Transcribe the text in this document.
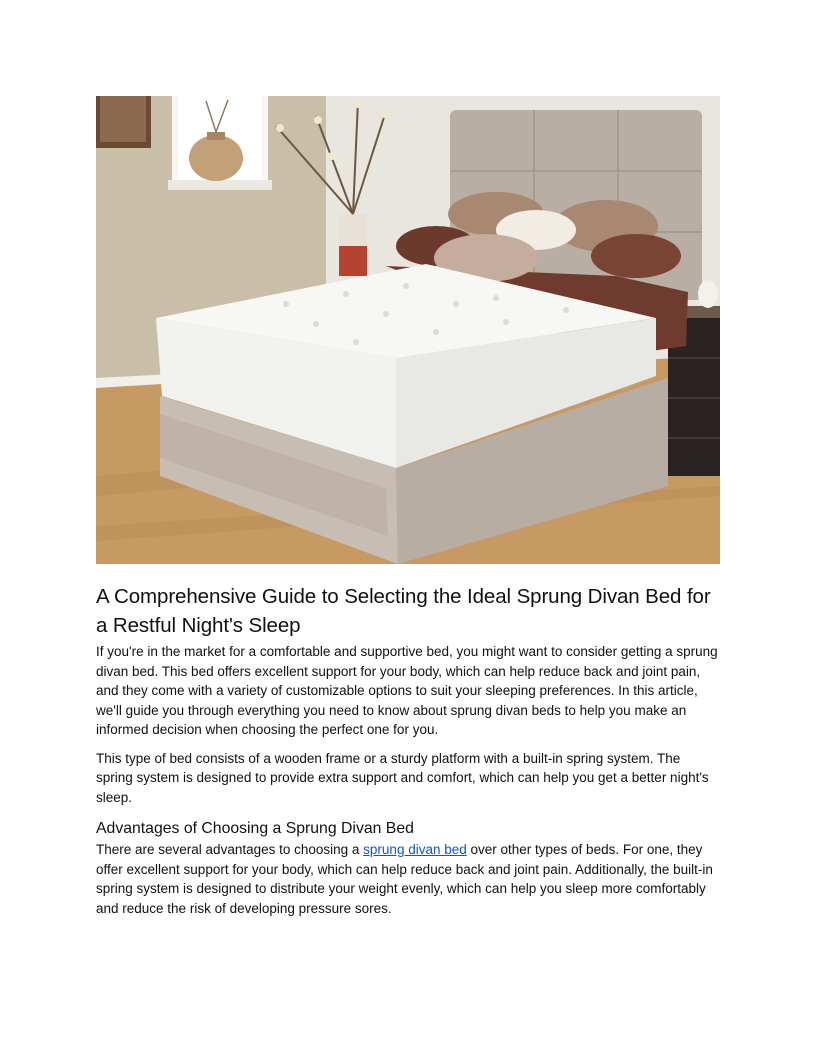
A Comprehensive Guide to Selecting the Ideal Sprung Divan Bed for a Restful Night's Sleep

If you're in the market for a comfortable and supportive bed, you might want to consider getting a sprung divan bed. This bed offers excellent support for your body, which can help reduce back and joint pain, and they come with a variety of customizable options to suit your sleeping preferences. In this article, we'll guide you through everything you need to know about sprung divan beds to help you make an informed decision when choosing the perfect one for you.

This type of bed consists of a wooden frame or a sturdy platform with a built-in spring system. The spring system is designed to provide extra support and comfort, which can help you get a better night's sleep.

Advantages of Choosing a Sprung Divan Bed

There are several advantages to choosing a sprung divan bed over other types of beds. For one, they offer excellent support for your body, which can help reduce back and joint pain. Additionally, the built-in spring system is designed to distribute your weight evenly, which can help you sleep more comfortably and reduce the risk of developing pressure sores.
